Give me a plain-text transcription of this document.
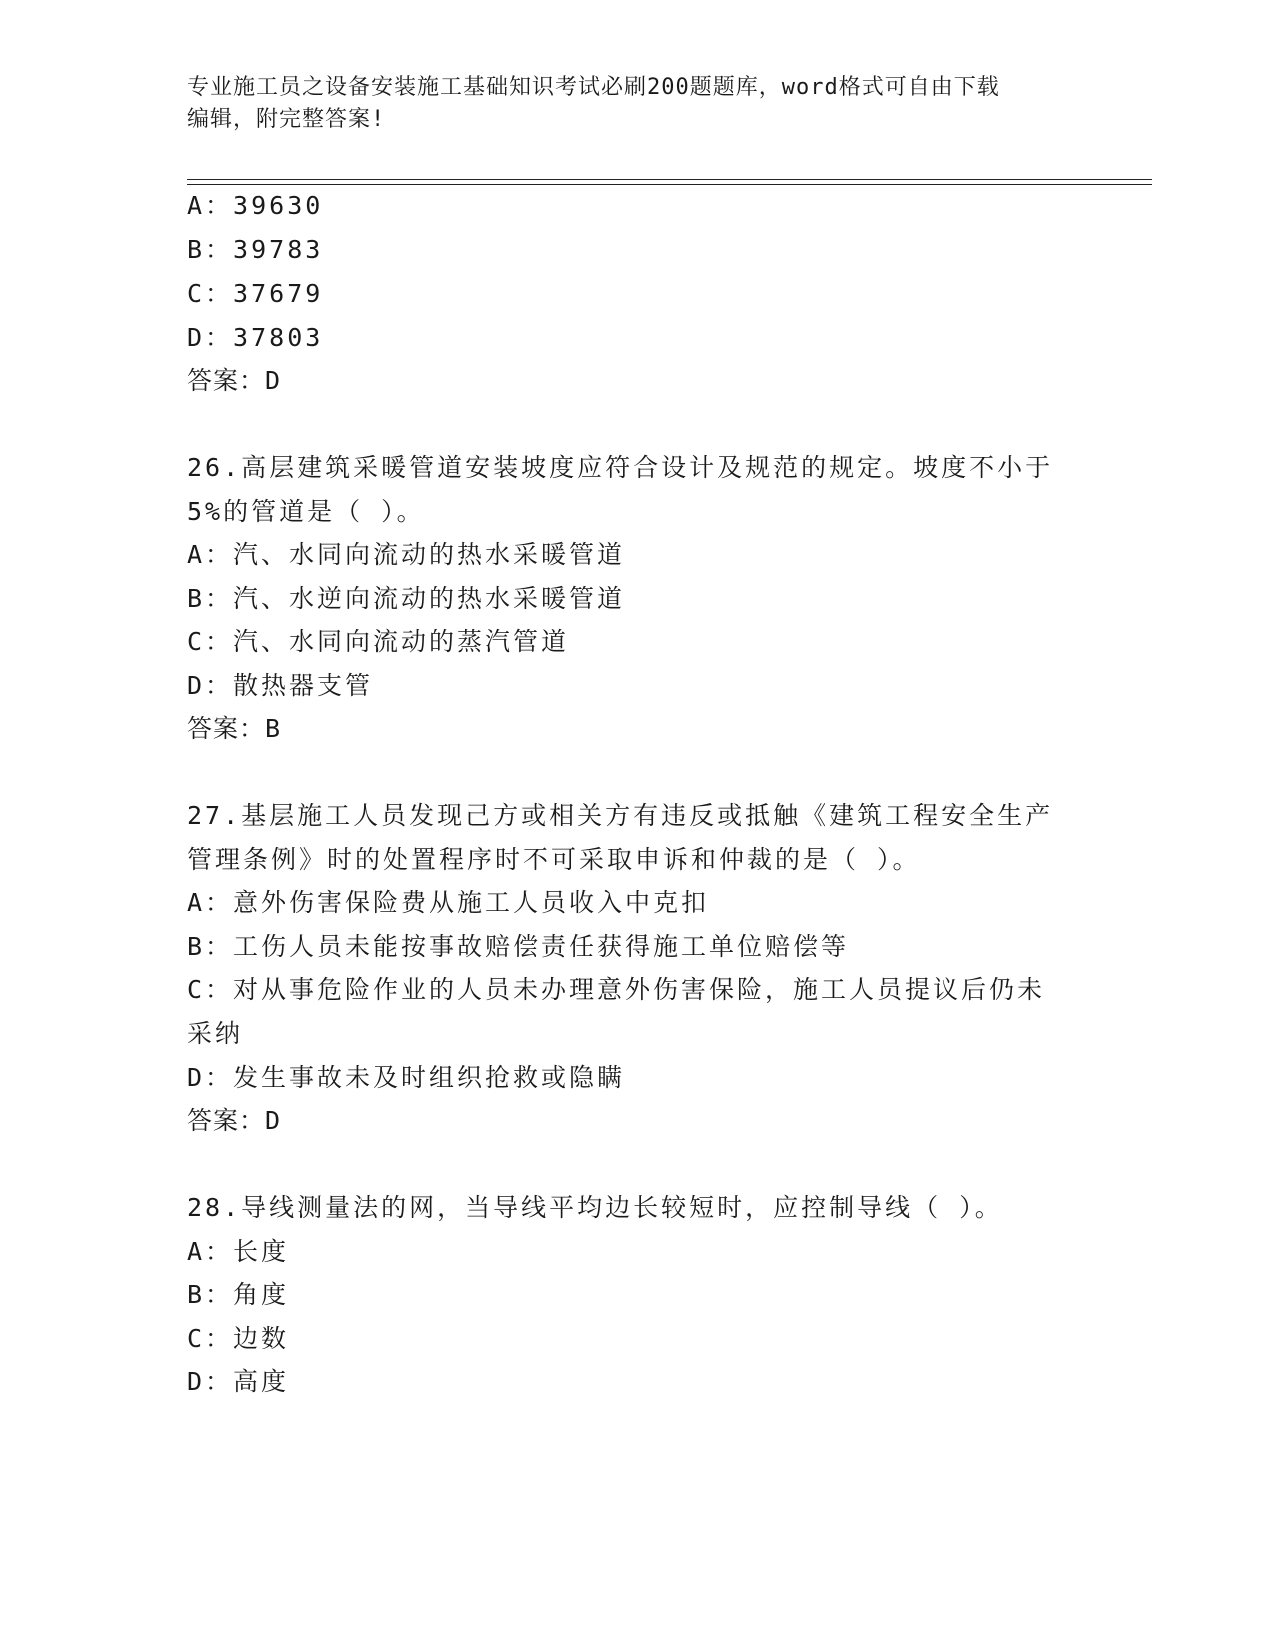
专业施工员之设备安装施工基础知识考试必刷200题题库，word格式可自由下载
编辑，附完整答案!
A：39630
B：39783
C：37679
D：37803
答案：D
26.高层建筑采暖管道安装坡度应符合设计及规范的规定。坡度不小于
5%的管道是（ ）。
A：汽、水同向流动的热水采暖管道
B：汽、水逆向流动的热水采暖管道
C：汽、水同向流动的蒸汽管道
D：散热器支管
答案：B
27.基层施工人员发现己方或相关方有违反或抵触《建筑工程安全生产
管理条例》时的处置程序时不可采取申诉和仲裁的是（ ）。
A：意外伤害保险费从施工人员收入中克扣
B：工伤人员未能按事故赔偿责任获得施工单位赔偿等
C：对从事危险作业的人员未办理意外伤害保险，施工人员提议后仍未
采纳
D：发生事故未及时组织抢救或隐瞒
答案：D
28.导线测量法的网，当导线平均边长较短时，应控制导线（ ）。
A：长度
B：角度
C：边数
D：高度
